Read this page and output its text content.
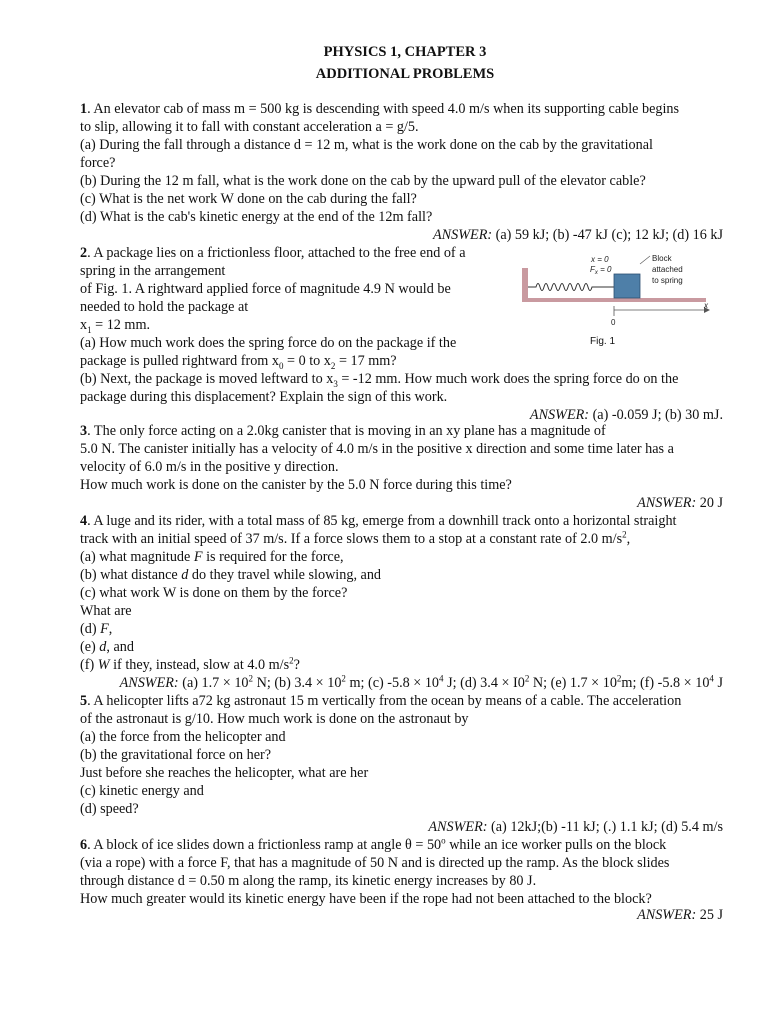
PHYSICS 1, CHAPTER 3
ADDITIONAL PROBLEMS
1. An elevator cab of mass m = 500 kg is descending with speed 4.0 m/s when its supporting cable begins
to slip, allowing it to fall with constant acceleration a = g/5.
(a) During the fall through a distance d = 12 m, what is the work done on the cab by the gravitational
force?
(b) During the 12 m fall, what is the work done on the cab by the upward pull of the elevator cable?
(c) What is the net work W done on the cab during the fall?
(d) What is the cab's kinetic energy at the end of the 12m fall?
ANSWER: (a) 59 kJ; (b) -47 kJ (c); 12 kJ; (d) 16 kJ
2. A package lies on a frictionless floor, attached to the free end of a
spring in the arrangement
of Fig. 1. A rightward applied force of magnitude 4.9 N would be
needed to hold the package at
$x_1 = 12$ mm.
(a) How much work does the spring force do on the package if the
package is pulled rightward from $x_0 = 0$ to $x_2 = 17$ mm?
(b) Next, the package is moved leftward to $x_3 = -12$ mm. How much work does the spring force do on the
package during this displacement? Explain the sign of this work.
ANSWER: (a) -0.059 J; (b) 30 mJ.
0
x
x = 0
$F_x = 0$
Block
attached
to spring
Fig. 1
3. The only force acting on a 2.0kg canister that is moving in an xy plane has a magnitude of
5.0 N. The canister initially has a velocity of 4.0 m/s in the positive x direction and some time later has a
velocity of 6.0 m/s in the positive y direction.
How much work is done on the canister by the 5.0 N force during this time?
ANSWER: 20 J
4. A luge and its rider, with a total mass of 85 kg, emerge from a downhill track onto a horizontal straight
track with an initial speed of 37 m/s. If a force slows them to a stop at a constant rate of 2.0 $m/s^2$,
(a) what magnitude F is required for the force,
(b) what distance d do they travel while slowing, and
(c) what work W is done on them by the force?
What are
(d) F,
(e) d, and
(f) W if they, instead, slow at 4.0 $m/s^2$?
ANSWER: (a) $1.7 \times 10^2$ N; (b) $3.4 \times 10^2$ m; (c) $-5.8 \times 10^4$ J; (d) $3.4 \times I0^2$ N; (e) $1.7 \times 10^2m$; (f) $-5.8 \times 10^4$ J
5. A helicopter lifts a72 kg astronaut 15 m vertically from the ocean by means of a cable. The acceleration
of the astronaut is g/10. How much work is done on the astronaut by
(a) the force from the helicopter and
(b) the gravitational force on her?
Just before she reaches the helicopter, what are her
(c) kinetic energy and
(d) speed?
ANSWER: (a) 12kJ;(b) -11 kJ; (.) 1.1 kJ; (d) 5.4 m/s
6. A block of ice slides down a frictionless ramp at angle $\theta = 50^o$ while an ice worker pulls on the block
(via a rope) with a force F, that has a magnitude of 50 N and is directed up the ramp. As the block slides
through distance d = 0.50 m along the ramp, its kinetic energy increases by 80 J.
How much greater would its kinetic energy have been if the rope had not been attached to the block?
ANSWER: 25 J
